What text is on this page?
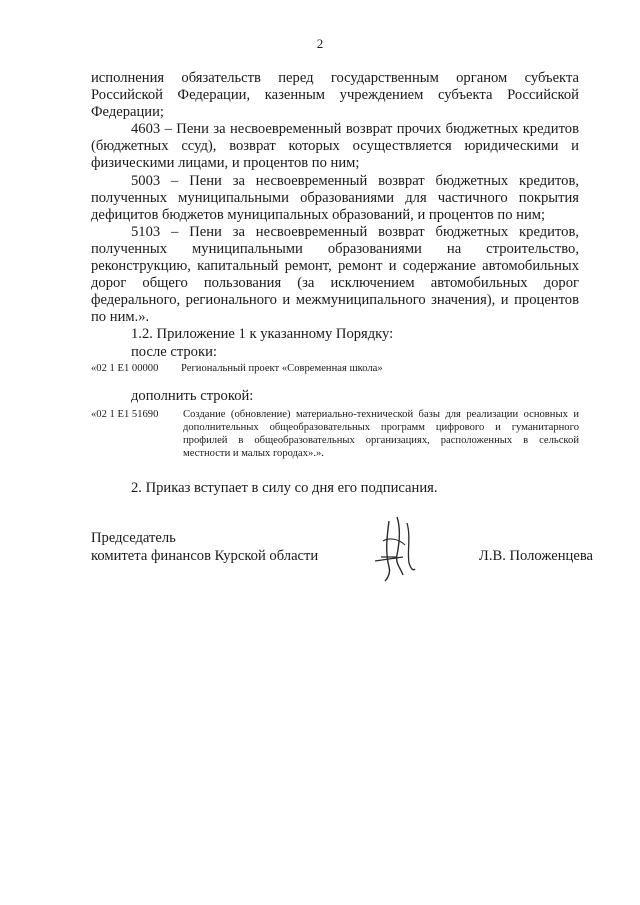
2

исполнения обязательств перед государственным органом субъекта Российской Федерации, казенным учреждением субъекта Российской Федерации;

4603 – Пени за несвоевременный возврат прочих бюджетных кредитов (бюджетных ссуд), возврат которых осуществляется юридическими и физическими лицами, и процентов по ним;

5003 – Пени за несвоевременный возврат бюджетных кредитов, полученных муниципальными образованиями для частичного покрытия дефицитов бюджетов муниципальных образований, и процентов по ним;

5103 – Пени за несвоевременный возврат бюджетных кредитов, полученных муниципальными образованиями на строительство, реконструкцию, капитальный ремонт, ремонт и содержание автомобильных дорог общего пользования (за исключением автомобильных дорог федерального, регионального и межмуниципального значения), и процентов по ним.».

1.2. Приложение 1 к указанному Порядку:

после строки:

«02 1 E1 00000	Региональный проект «Современная школа»

дополнить строкой:

«02 1 E1 51690	Создание (обновление) материально-технической базы для реализации основных и дополнительных общеобразовательных программ цифрового и гуманитарного профилей в общеобразовательных организациях, расположенных в сельской местности и малых городах».».

2. Приказ вступает в силу со дня его подписания.

Председатель
комитета финансов Курской области	Л.В. Положенцева
